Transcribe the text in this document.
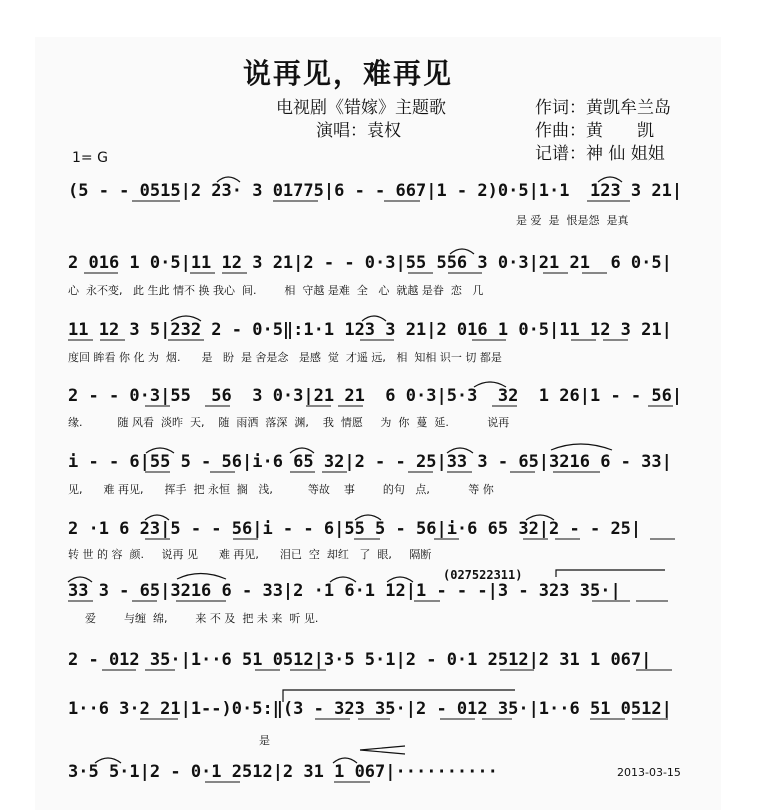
说再见，难再见
电视剧《错嫁》主题歌
演唱：袁权
作词：黄凯牟兰岛
作曲：黄　　凯
记谱：神 仙 姐姐
1= G
(5 - - 0515|2 23· 3 01775|6 - - 667|1 - 2)0·5|1·1  123 3 21|
是 爱  是  恨是怨  是真
2 016 1 0·5|11 12 3 21|2 - - 0·3|55 556 3 0·3|21 21  6 0·5|
心  永不变,   此 生此 情不 换 我心  间.        相  守越 是难  全   心  就越 是眷  恋   几
11 12 3 5|232 2 - 0·5‖:1·1 123 3 21|2 016 1 0·5|11 12 3 21|
度回 眸看 你 化 为  烟.      是   盼  是 舍是念   是感  觉  才遥 远,   相  知相 识一 切 都是
2 - - 0·3|55  56  3 0·3|21 21  6 0·3|5·3  32  1 26|1 - - 56|
缘.          随 风看  淡昨  天,    随  雨洒  落深  渊,    我  情愿     为  你  蔓  延.           说再
i - - 6|55 5 - 56|i·6 65 32|2 - - 25|33 3 - 65|3216 6 - 33|
见,      难 再见,      挥手  把 永恒  搁   浅,          等故    事        的句   点,           等 你
2 ·1 6 23|5 - - 56|i - - 6|55 5 - 56|i·6 65 32|2 - - 25|
转 世 的 容  颜.     说再 见      难 再见,      泪已  空  却红   了  眼,     隔断
(027522311)
33 3 - 65|3216 6 - 33|2 ·1 6·1 12|1 - - -|3 - 323 35·|
爱        与缠  绵,        来 不 及  把 未 来  听 见.
2 - 012 35·|1··6 51 0512|3·5 5·1|2 - 0·1 2512|2 31 1 067|
1··6 3·2 21|1--)0·5:‖(3 - 323 35·|2 - 012 35·|1··6 51 0512|
是
3·5 5·1|2 - 0·1 2512|2 31 1 067|··········	2013-03-15
